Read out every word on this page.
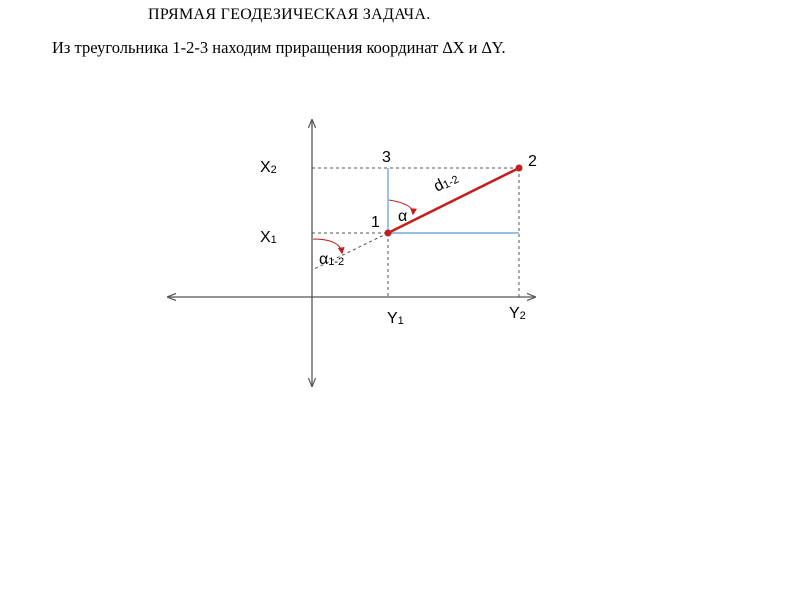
ПРЯМАЯ ГЕОДЕЗИЧЕСКАЯ ЗАДАЧА.
Из треугольника 1-2-3 находим приращения координат ∆X и ∆Y.
X2
X1
Y1	Y2
3	2
1
d1-2
α
α1-2
